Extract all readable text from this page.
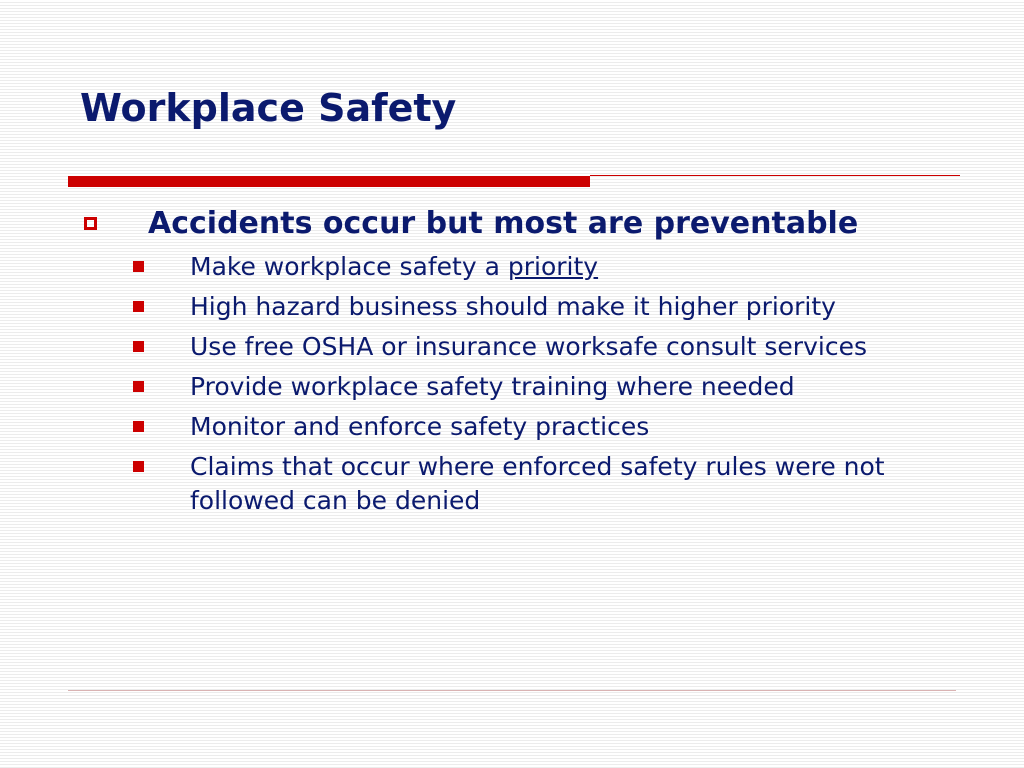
Workplace Safety
Accidents occur but most are preventable
Make workplace safety a priority
High hazard business should make it higher priority
Use free OSHA or insurance worksafe consult services
Provide workplace safety training where needed
Monitor and enforce safety practices
Claims that occur where enforced safety rules were not followed can be denied
